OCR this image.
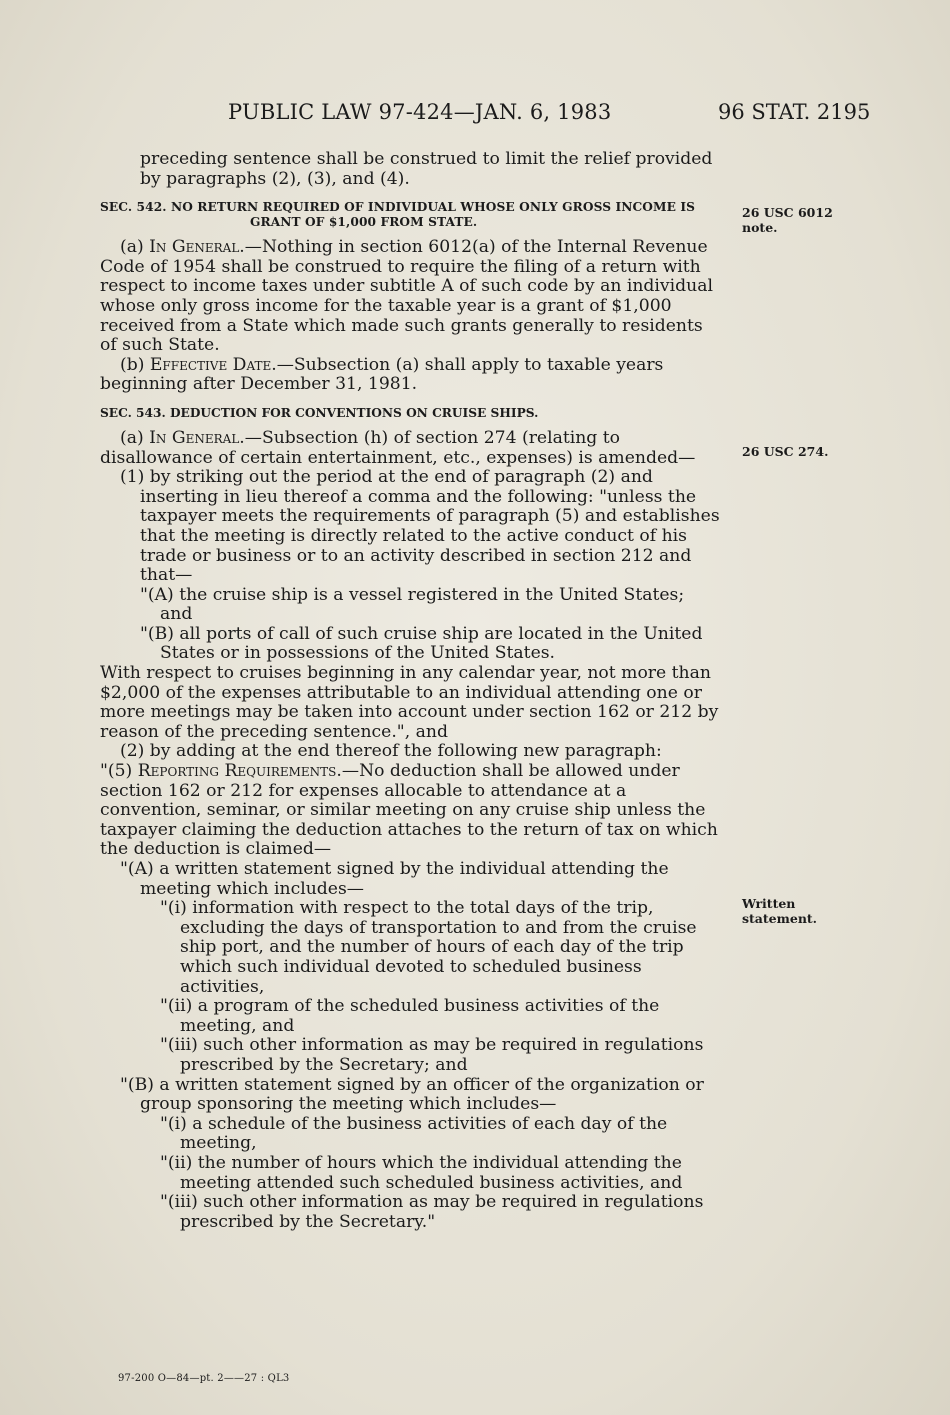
PUBLIC LAW 97-424—JAN. 6, 1983	96 STAT. 2195
26 USC 6012
note.
26 USC 274.
Written
statement.

preceding sentence shall be construed to limit the relief provided by paragraphs (2), (3), and (4).

SEC. 542. NO RETURN REQUIRED OF INDIVIDUAL WHOSE ONLY GROSS INCOME IS GRANT OF $1,000 FROM STATE.

(a) In General.—Nothing in section 6012(a) of the Internal Revenue Code of 1954 shall be construed to require the filing of a return with respect to income taxes under subtitle A of such code by an individual whose only gross income for the taxable year is a grant of $1,000 received from a State which made such grants generally to residents of such State.

(b) Effective Date.—Subsection (a) shall apply to taxable years beginning after December 31, 1981.

SEC. 543. DEDUCTION FOR CONVENTIONS ON CRUISE SHIPS.

(a) In General.—Subsection (h) of section 274 (relating to disallowance of certain entertainment, etc., expenses) is amended—

(1) by striking out the period at the end of paragraph (2) and inserting in lieu thereof a comma and the following: "unless the taxpayer meets the requirements of paragraph (5) and establishes that the meeting is directly related to the active conduct of his trade or business or to an activity described in section 212 and that—

"(A) the cruise ship is a vessel registered in the United States; and

"(B) all ports of call of such cruise ship are located in the United States or in possessions of the United States.

With respect to cruises beginning in any calendar year, not more than $2,000 of the expenses attributable to an individual attending one or more meetings may be taken into account under section 162 or 212 by reason of the preceding sentence.", and

(2) by adding at the end thereof the following new paragraph:

"(5) Reporting Requirements.—No deduction shall be allowed under section 162 or 212 for expenses allocable to attendance at a convention, seminar, or similar meeting on any cruise ship unless the taxpayer claiming the deduction attaches to the return of tax on which the deduction is claimed—

"(A) a written statement signed by the individual attending the meeting which includes—

"(i) information with respect to the total days of the trip, excluding the days of transportation to and from the cruise ship port, and the number of hours of each day of the trip which such individual devoted to scheduled business activities,

"(ii) a program of the scheduled business activities of the meeting, and

"(iii) such other information as may be required in regulations prescribed by the Secretary; and

"(B) a written statement signed by an officer of the organization or group sponsoring the meeting which includes—

"(i) a schedule of the business activities of each day of the meeting,

"(ii) the number of hours which the individual attending the meeting attended such scheduled business activities, and

"(iii) such other information as may be required in regulations prescribed by the Secretary."

97-200 O—84—pt. 2——27 : QL3
